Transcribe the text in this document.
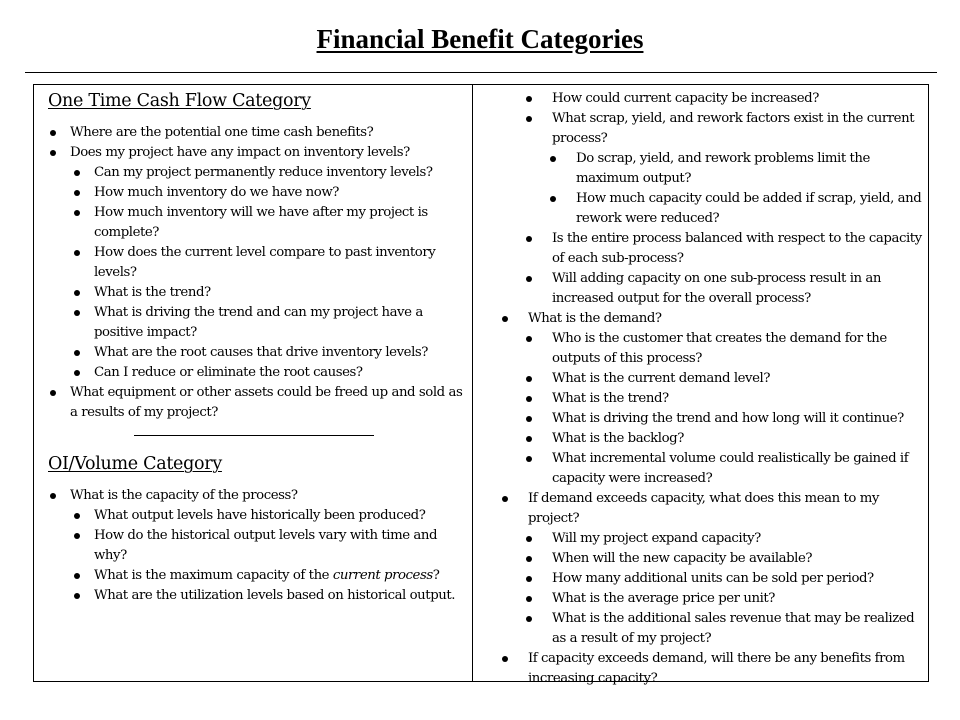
Financial Benefit Categories
One Time Cash Flow Category
Where are the potential one time cash benefits?
Does my project have any impact on inventory levels?
Can my project permanently reduce inventory levels?
How much inventory do we have now?
How much inventory will we have after my project is complete?
How does the current level compare to past inventory levels?
What is the trend?
What is driving the trend and can my project have a positive impact?
What are the root causes that drive inventory levels?
Can I reduce or eliminate the root causes?
What equipment or other assets could be freed up and sold as a results of my project?
OI/Volume Category
What is the capacity of the process?
What output levels have historically been produced?
How do the historical output levels vary with time and why?
What is the maximum capacity of the current process?
What are the utilization levels based on historical output.
How could current capacity be increased?
What scrap, yield, and rework factors exist in the current process?
Do scrap, yield, and rework problems limit the maximum output?
How much capacity could be added if scrap, yield, and rework were reduced?
Is the entire process balanced with respect to the capacity of each sub-process?
Will adding capacity on one sub-process result in an increased output for the overall process?
What is the demand?
Who is the customer that creates the demand for the outputs of this process?
What is the current demand level?
What is the trend?
What is driving the trend and how long will it continue?
What is the backlog?
What incremental volume could realistically be gained if capacity were increased?
If demand exceeds capacity, what does this mean to my project?
Will my project expand capacity?
When will the new capacity be available?
How many additional units can be sold per period?
What is the average price per unit?
What is the additional sales revenue that may be realized as a result of my project?
If capacity exceeds demand, will there be any benefits from increasing capacity?
